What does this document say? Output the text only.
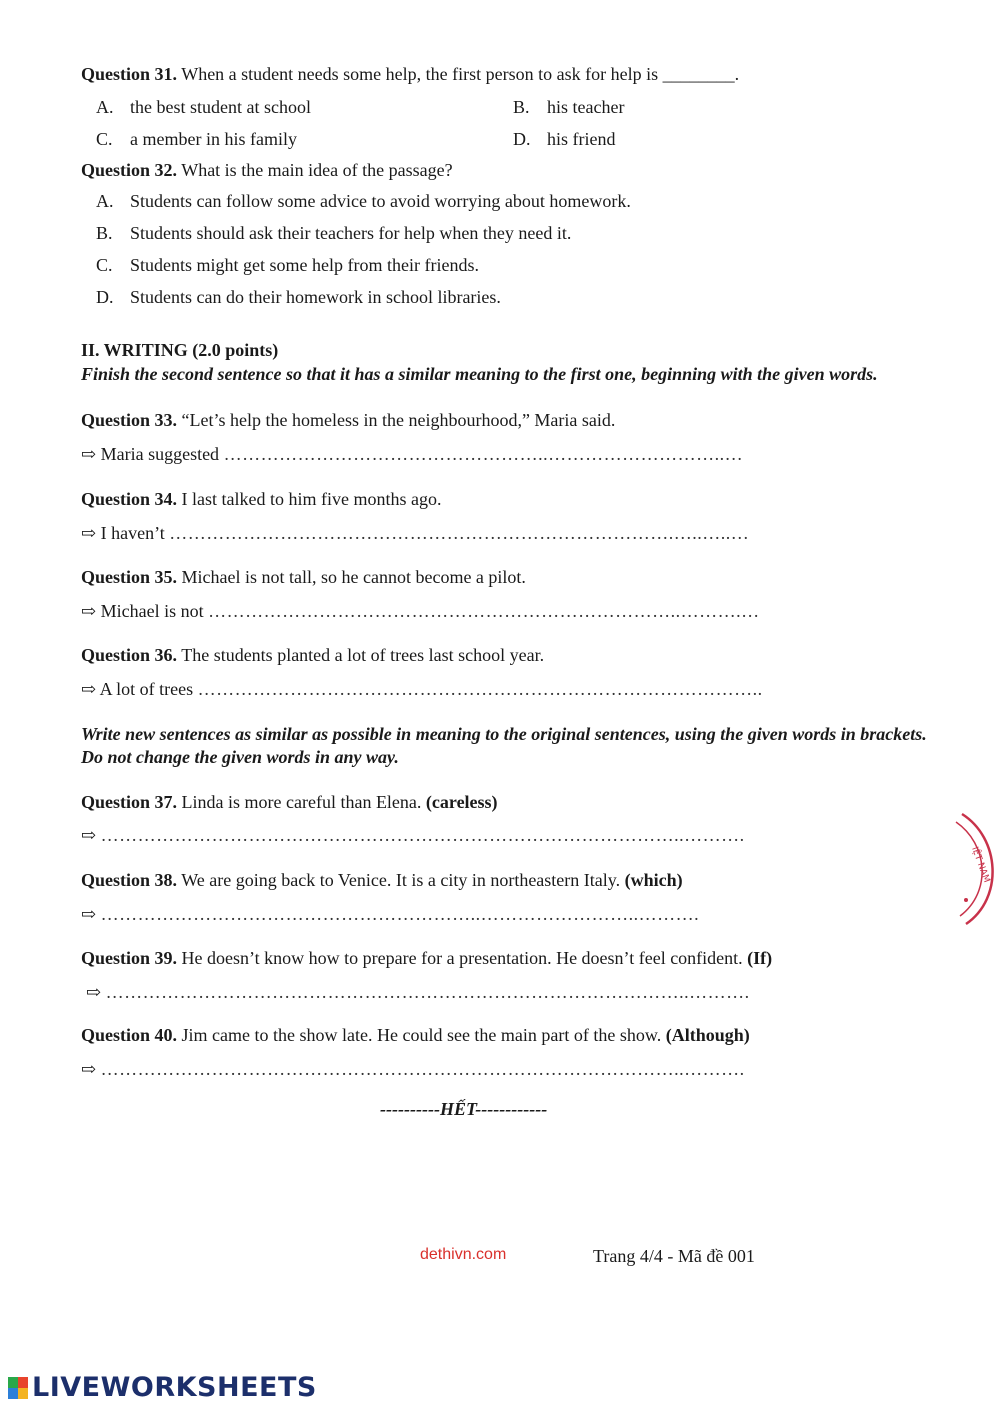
Question 31. When a student needs some help, the first person to ask for help is ________.
A. the best student at school	B. his teacher
C. a member in his family	D. his friend
Question 32. What is the main idea of the passage?
A. Students can follow some advice to avoid worrying about homework.
B. Students should ask their teachers for help when they need it.
C. Students might get some help from their friends.
D. Students can do their homework in school libraries.
II. WRITING (2.0 points)
Finish the second sentence so that it has a similar meaning to the first one, beginning with the given words.
Question 33. “Let’s help the homeless in the neighbourhood,” Maria said.
⇨ Maria suggested ……………………………………………..………………………..…
Question 34. I last talked to him five months ago.
⇨ I haven’t ……………………………………………………………………….…..…..…
Question 35. Michael is not tall, so he cannot become a pilot.
⇨ Michael is not …………………………………………………………………..……….…
Question 36. The students planted a lot of trees last school year.
⇨ A lot of trees ………………………………………………………………………………..
Write new sentences as similar as possible in meaning to the original sentences, using the given words in brackets. Do not change the given words in any way.
Question 37. Linda is more careful than Elena. (careless)
⇨ …………………………………………………………………………………..……….
Question 38. We are going back to Venice. It is a city in northeastern Italy. (which)
⇨ ……………………………………………………..……………………..……….
Question 39. He doesn’t know how to prepare for a presentation. He doesn’t feel confident. (If)
⇨ …………………………………………………………………………………..……….
Question 40. Jim came to the show late. He could see the main part of the show. (Although)
⇨ …………………………………………………………………………………..……….
----------HẾT------------
dethivn.com	Trang 4/4 - Mã đề 001
IỆT NAM
LIVEWORKSHEETS
